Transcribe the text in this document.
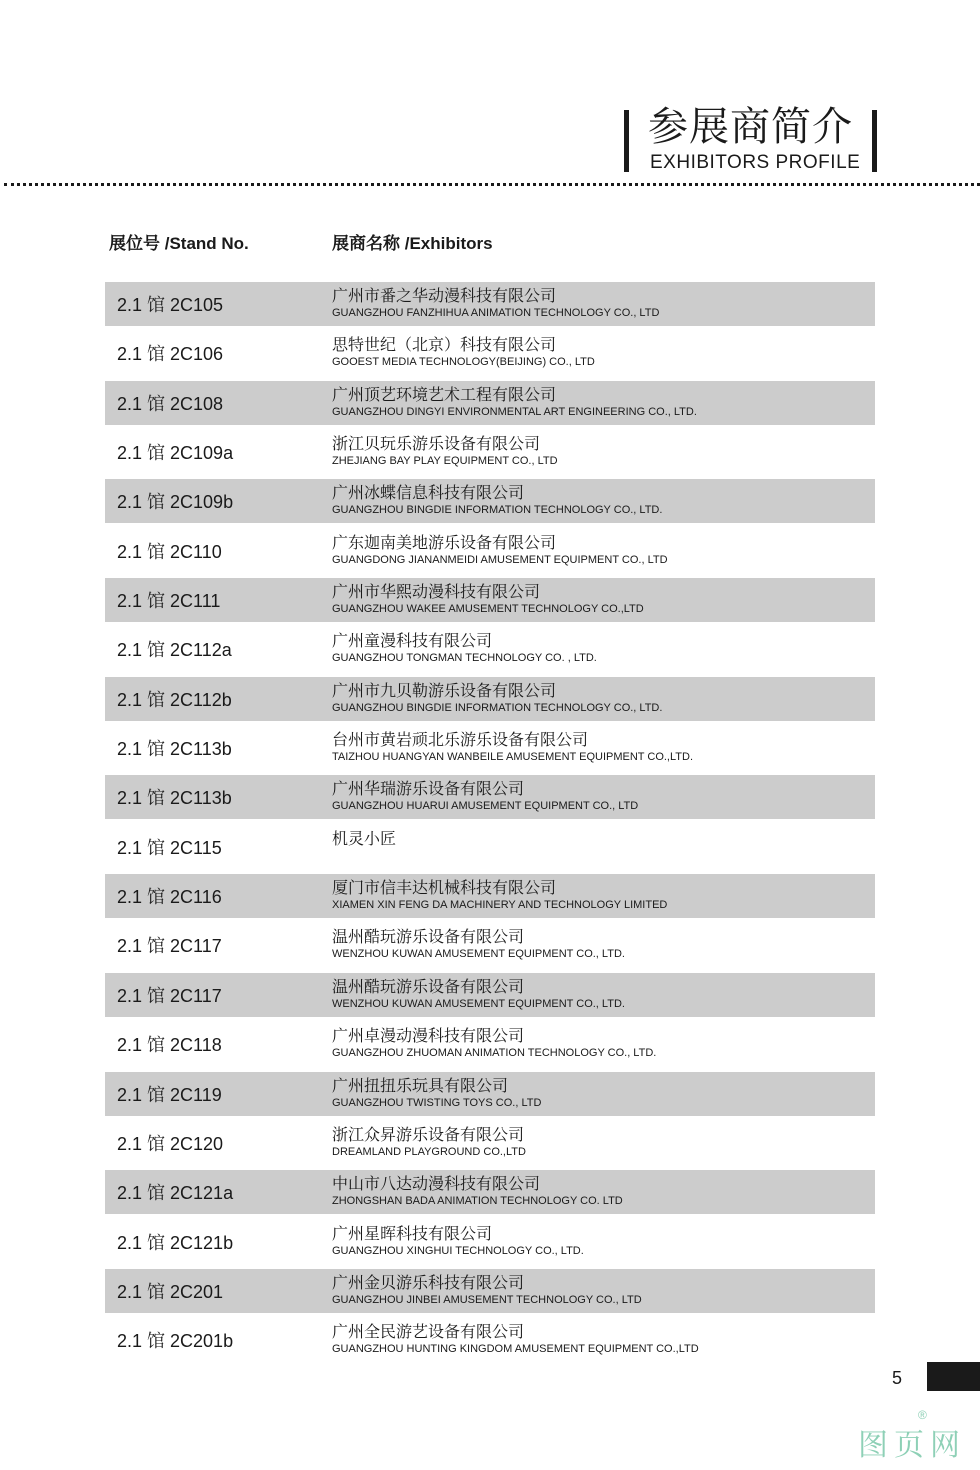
参展商简介
EXHIBITORS PROFILE
展位号 /Stand No.	展商名称 /Exhibitors
2.1 馆 2C105	广州市番之华动漫科技有限公司
GUANGZHOU FANZHIHUA ANIMATION TECHNOLOGY CO., LTD
2.1 馆 2C106	思特世纪（北京）科技有限公司
GOOEST MEDIA TECHNOLOGY(BEIJING) CO., LTD
2.1 馆 2C108	广州顶艺环境艺术工程有限公司
GUANGZHOU DINGYI ENVIRONMENTAL ART ENGINEERING CO., LTD.
2.1 馆 2C109a	浙江贝玩乐游乐设备有限公司
ZHEJIANG BAY PLAY EQUIPMENT CO., LTD
2.1 馆 2C109b	广州冰蝶信息科技有限公司
GUANGZHOU BINGDIE INFORMATION TECHNOLOGY CO., LTD.
2.1 馆 2C110	广东迦南美地游乐设备有限公司
GUANGDONG JIANANMEIDI AMUSEMENT EQUIPMENT CO., LTD
2.1 馆 2C111	广州市华熙动漫科技有限公司
GUANGZHOU WAKEE AMUSEMENT TECHNOLOGY CO.,LTD
2.1 馆 2C112a	广州童漫科技有限公司
GUANGZHOU TONGMAN TECHNOLOGY CO. , LTD.
2.1 馆 2C112b	广州市九贝勒游乐设备有限公司
GUANGZHOU BINGDIE INFORMATION TECHNOLOGY CO., LTD.
2.1 馆 2C113b	台州市黄岩顽北乐游乐设备有限公司
TAIZHOU HUANGYAN WANBEILE AMUSEMENT EQUIPMENT CO.,LTD.
2.1 馆 2C113b	广州华瑞游乐设备有限公司
GUANGZHOU HUARUI AMUSEMENT EQUIPMENT CO., LTD
2.1 馆 2C115	机灵小匠
2.1 馆 2C116	厦门市信丰达机械科技有限公司
XIAMEN XIN FENG DA MACHINERY AND TECHNOLOGY LIMITED
2.1 馆 2C117	温州酷玩游乐设备有限公司
WENZHOU KUWAN AMUSEMENT EQUIPMENT CO., LTD.
2.1 馆 2C117	温州酷玩游乐设备有限公司
WENZHOU KUWAN AMUSEMENT EQUIPMENT CO., LTD.
2.1 馆 2C118	广州卓漫动漫科技有限公司
GUANGZHOU ZHUOMAN ANIMATION TECHNOLOGY CO., LTD.
2.1 馆 2C119	广州扭扭乐玩具有限公司
GUANGZHOU TWISTING TOYS CO., LTD
2.1 馆 2C120	浙江众昇游乐设备有限公司
DREAMLAND PLAYGROUND CO.,LTD
2.1 馆 2C121a	中山市八达动漫科技有限公司
ZHONGSHAN BADA ANIMATION TECHNOLOGY CO. LTD
2.1 馆 2C121b	广州星晖科技有限公司
GUANGZHOU XINGHUI TECHNOLOGY CO., LTD.
2.1 馆 2C201	广州金贝游乐科技有限公司
GUANGZHOU JINBEI AMUSEMENT TECHNOLOGY CO., LTD
2.1 馆 2C201b	广州全民游艺设备有限公司
GUANGZHOU HUNTING KINGDOM AMUSEMENT EQUIPMENT CO.,LTD
5
图页网
®
